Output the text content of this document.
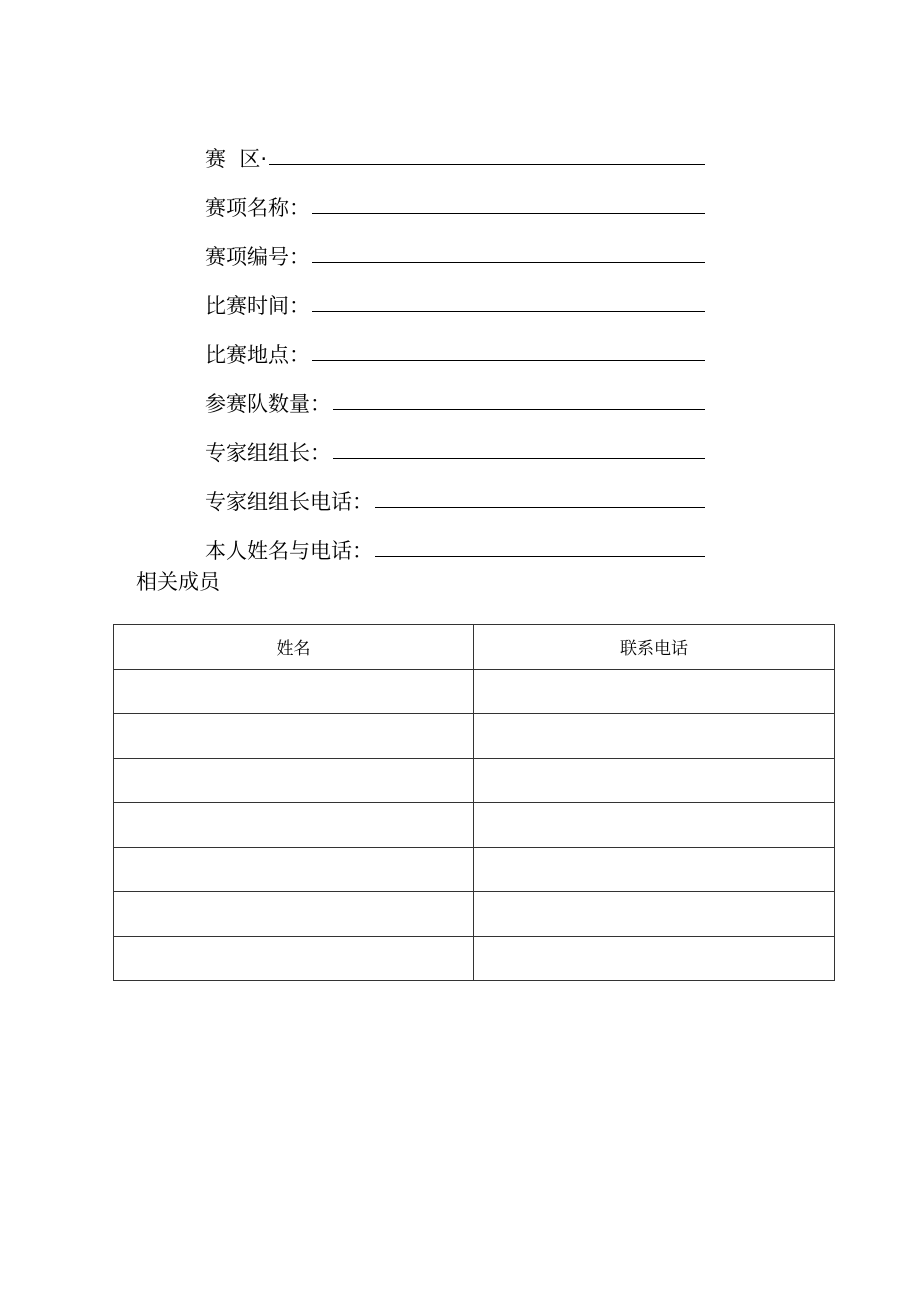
赛  区·
赛项名称：
赛项编号：
比赛时间：
比赛地点：
参赛队数量：
专家组组长：
专家组组长电话：
本人姓名与电话：
相关成员
姓名	联系电话
